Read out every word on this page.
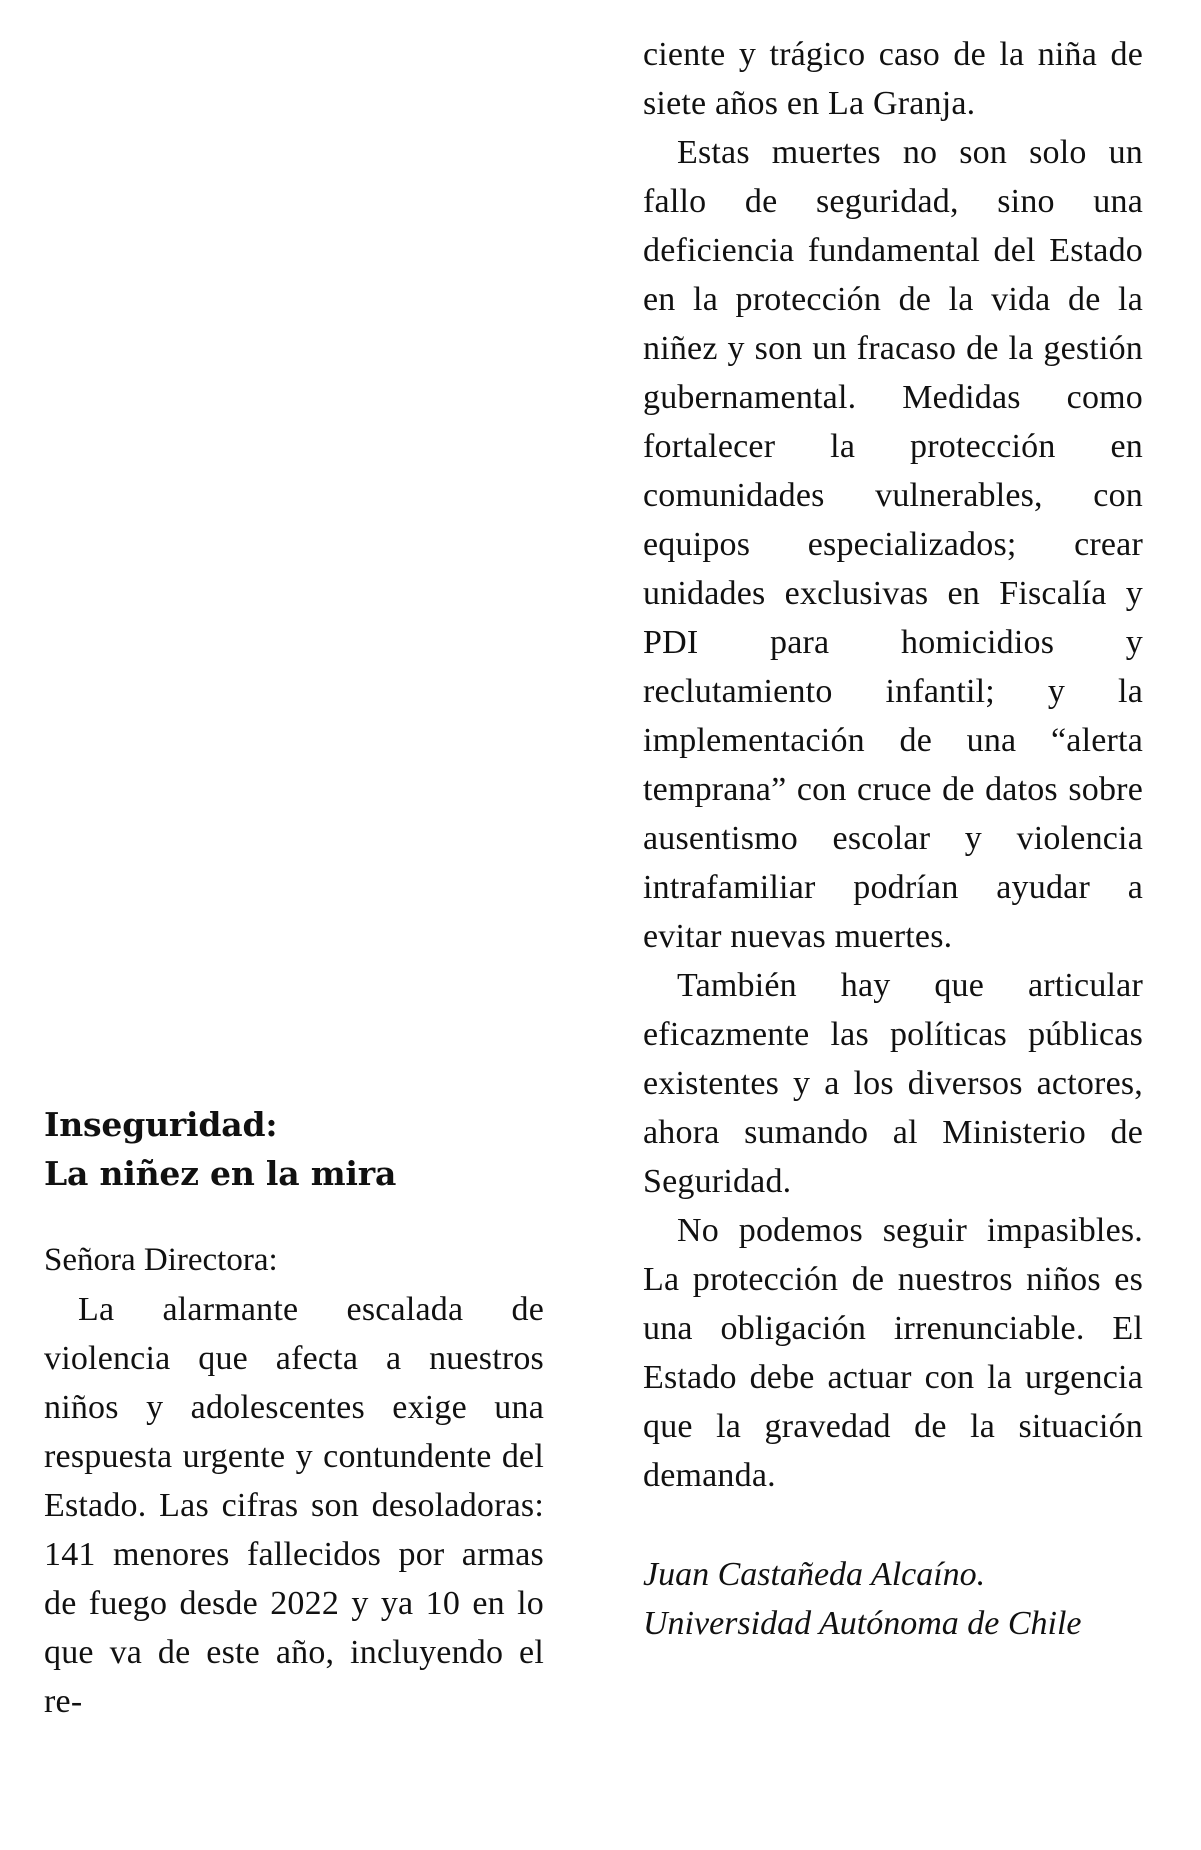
Inseguridad:
La niñez en la mira

Señora Directora:

La alarmante escalada de violencia que afecta a nuestros niños y adolescentes exige una respuesta urgente y contundente del Estado. Las cifras son desoladoras: 141 menores fallecidos por armas de fuego desde 2022 y ya 10 en lo que va de este año, incluyendo el re-

ciente y trágico caso de la niña de siete años en La Granja.

Estas muertes no son solo un fallo de seguridad, sino una deficiencia fundamental del Estado en la protección de la vida de la niñez y son un fracaso de la gestión gubernamental. Medidas como fortalecer la protección en comunidades vulnerables, con equipos especializados; crear unidades exclusivas en Fiscalía y PDI para homicidios y reclutamiento infantil; y la implementación de una “alerta temprana” con cruce de datos sobre ausentismo escolar y violencia intrafamiliar podrían ayudar a evitar nuevas muertes.

También hay que articular eficazmente las políticas públicas existentes y a los diversos actores, ahora sumando al Ministerio de Seguridad.

No podemos seguir impasibles. La protección de nuestros niños es una obligación irrenunciable. El Estado debe actuar con la urgencia que la gravedad de la situación demanda.

Juan Castañeda Alcaíno.
Universidad Autónoma de Chile
